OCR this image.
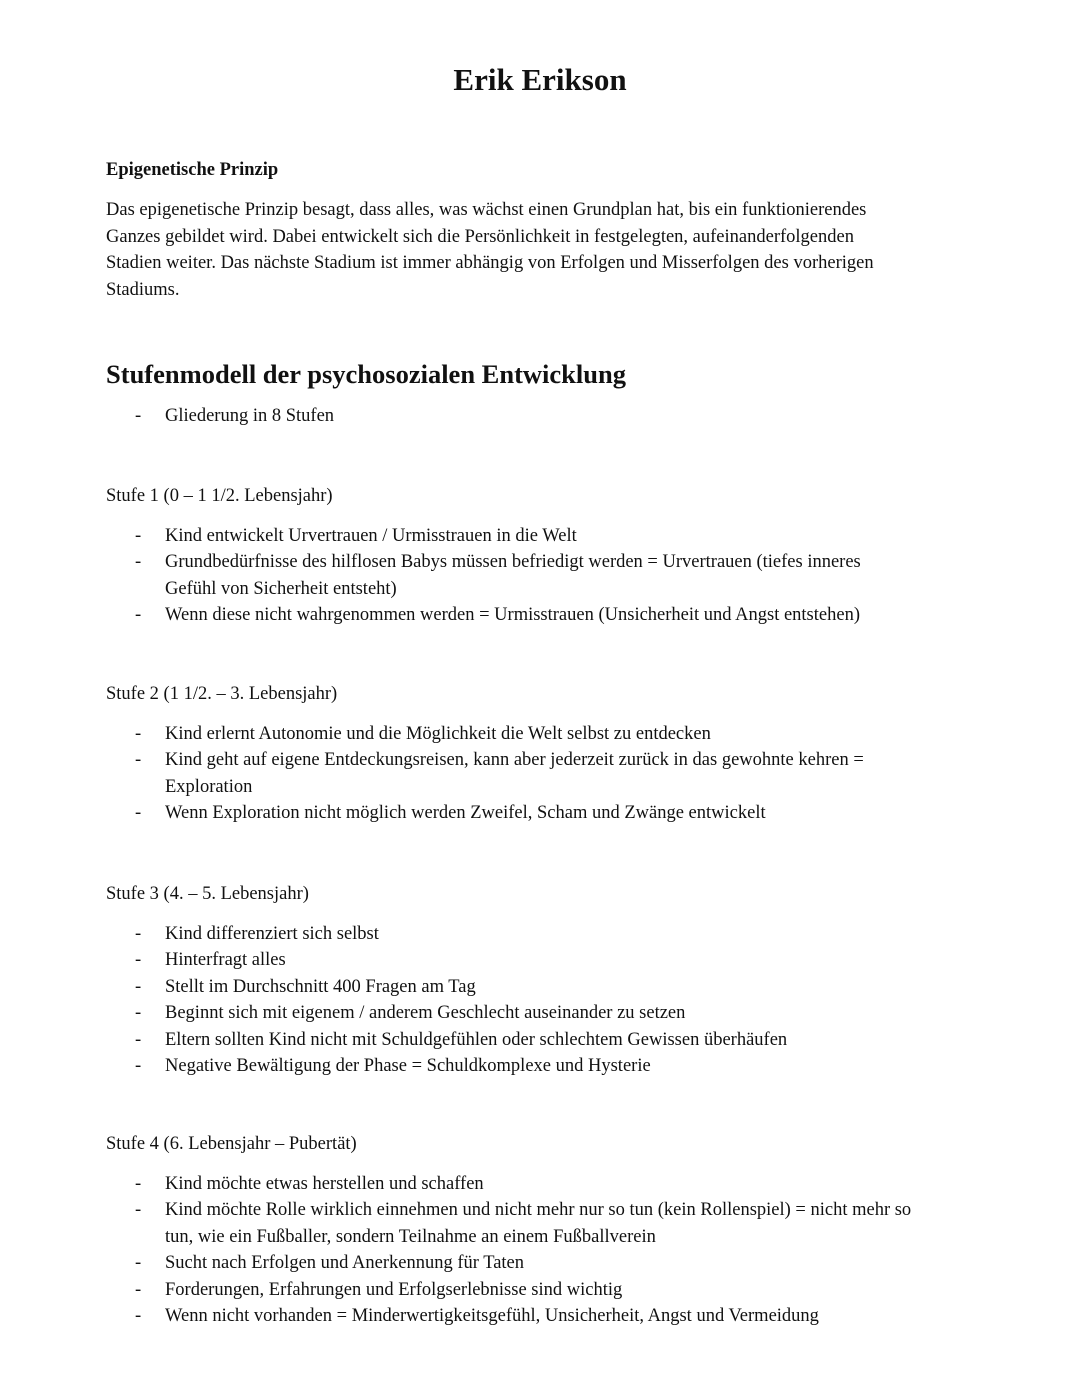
Erik Erikson
Epigenetische Prinzip
Das epigenetische Prinzip besagt, dass alles, was wächst einen Grundplan hat, bis ein funktionierendes
Ganzes gebildet wird. Dabei entwickelt sich die Persönlichkeit in festgelegten, aufeinanderfolgenden
Stadien weiter. Das nächste Stadium ist immer abhängig von Erfolgen und Misserfolgen des vorherigen
Stadiums.
Stufenmodell der psychosozialen Entwicklung
- Gliederung in 8 Stufen
Stufe 1 (0 – 1 1/2. Lebensjahr)
- Kind entwickelt Urvertrauen / Urmisstrauen in die Welt
- Grundbedürfnisse des hilflosen Babys müssen befriedigt werden = Urvertrauen (tiefes inneres
Gefühl von Sicherheit entsteht)
- Wenn diese nicht wahrgenommen werden = Urmisstrauen (Unsicherheit und Angst entstehen)
Stufe 2 (1 1/2. – 3. Lebensjahr)
- Kind erlernt Autonomie und die Möglichkeit die Welt selbst zu entdecken
- Kind geht auf eigene Entdeckungsreisen, kann aber jederzeit zurück in das gewohnte kehren =
Exploration
- Wenn Exploration nicht möglich werden Zweifel, Scham und Zwänge entwickelt
Stufe 3 (4. – 5. Lebensjahr)
- Kind differenziert sich selbst
- Hinterfragt alles
- Stellt im Durchschnitt 400 Fragen am Tag
- Beginnt sich mit eigenem / anderem Geschlecht auseinander zu setzen
- Eltern sollten Kind nicht mit Schuldgefühlen oder schlechtem Gewissen überhäufen
- Negative Bewältigung der Phase = Schuldkomplexe und Hysterie
Stufe 4 (6. Lebensjahr – Pubertät)
- Kind möchte etwas herstellen und schaffen
- Kind möchte Rolle wirklich einnehmen und nicht mehr nur so tun (kein Rollenspiel) = nicht mehr so
tun, wie ein Fußballer, sondern Teilnahme an einem Fußballverein
- Sucht nach Erfolgen und Anerkennung für Taten
- Forderungen, Erfahrungen und Erfolgserlebnisse sind wichtig
- Wenn nicht vorhanden = Minderwertigkeitsgefühl, Unsicherheit, Angst und Vermeidung
